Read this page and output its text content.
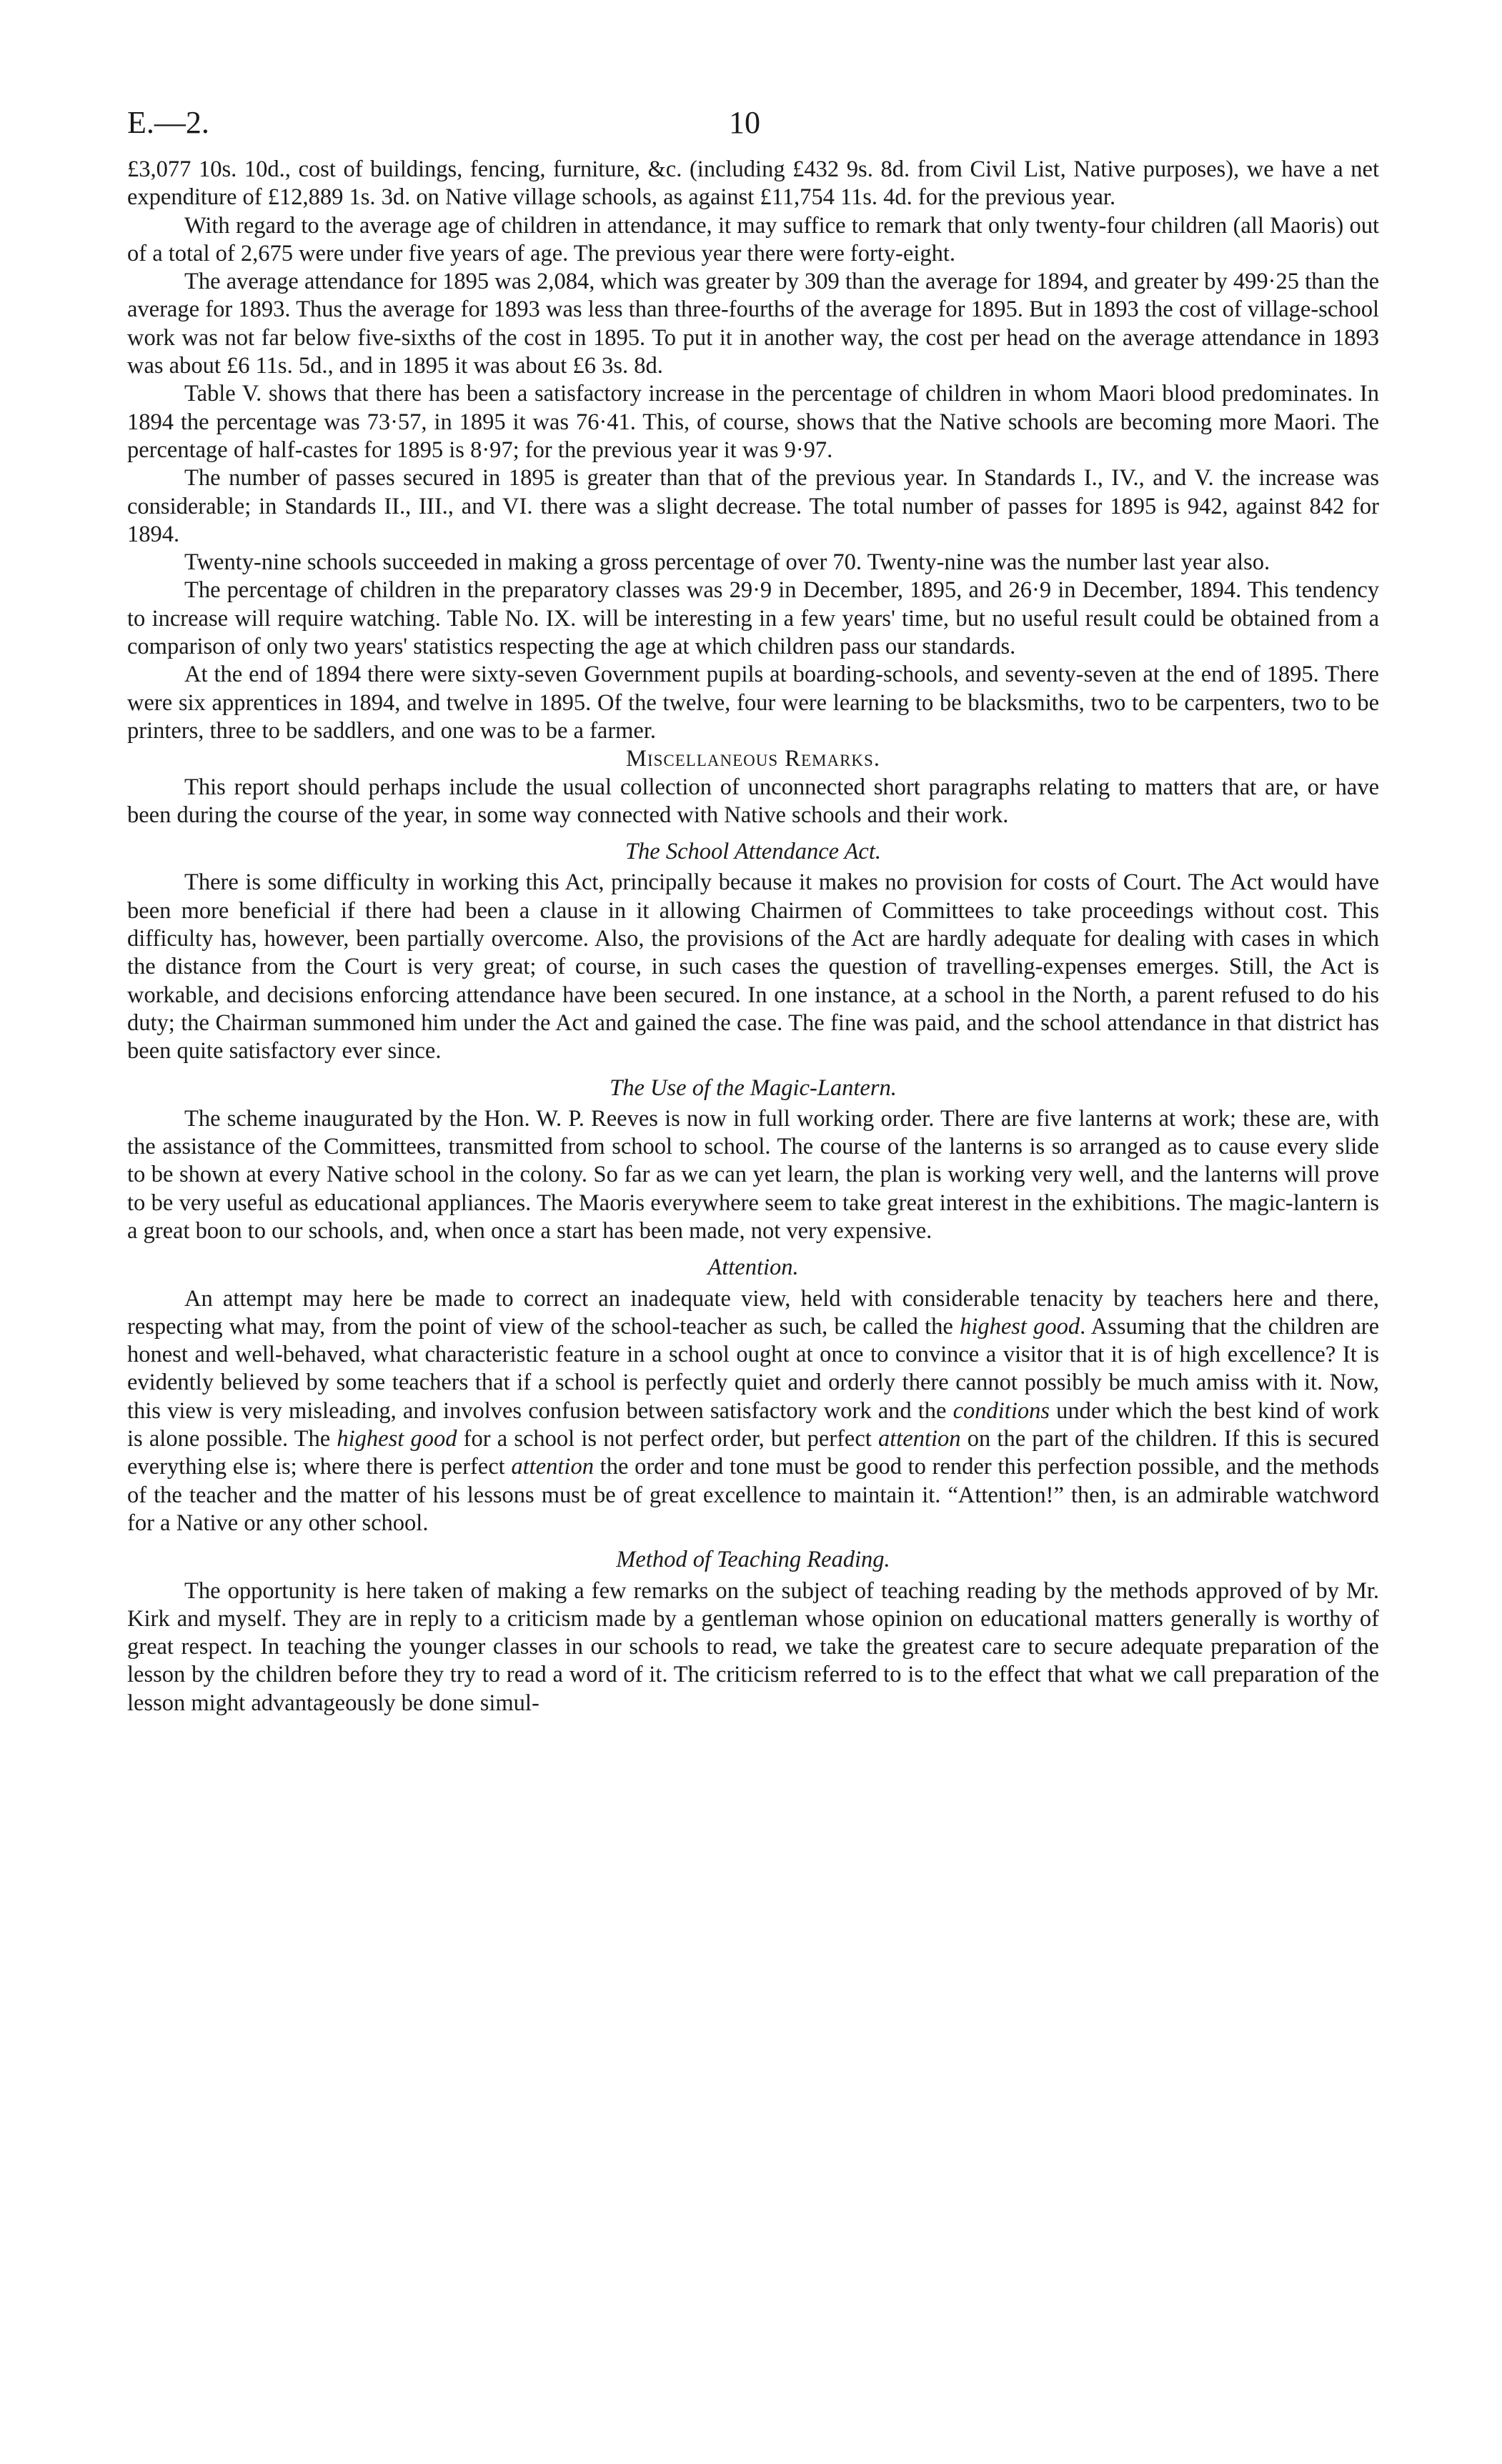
E.—2.	10

£3,077 10s. 10d., cost of buildings, fencing, furniture, &c. (including £432 9s. 8d. from Civil List, Native purposes), we have a net expenditure of £12,889 1s. 3d. on Native village schools, as against £11,754 11s. 4d. for the previous year.

With regard to the average age of children in attendance, it may suffice to remark that only twenty-four children (all Maoris) out of a total of 2,675 were under five years of age. The previous year there were forty-eight.

The average attendance for 1895 was 2,084, which was greater by 309 than the average for 1894, and greater by 499·25 than the average for 1893. Thus the average for 1893 was less than three-fourths of the average for 1895. But in 1893 the cost of village-school work was not far below five-sixths of the cost in 1895. To put it in another way, the cost per head on the average attendance in 1893 was about £6 11s. 5d., and in 1895 it was about £6 3s. 8d.

Table V. shows that there has been a satisfactory increase in the percentage of children in whom Maori blood predominates. In 1894 the percentage was 73·57, in 1895 it was 76·41. This, of course, shows that the Native schools are becoming more Maori. The percentage of half-castes for 1895 is 8·97; for the previous year it was 9·97.

The number of passes secured in 1895 is greater than that of the previous year. In Standards I., IV., and V. the increase was considerable; in Standards II., III., and VI. there was a slight decrease. The total number of passes for 1895 is 942, against 842 for 1894.

Twenty-nine schools succeeded in making a gross percentage of over 70. Twenty-nine was the number last year also.

The percentage of children in the preparatory classes was 29·9 in December, 1895, and 26·9 in December, 1894. This tendency to increase will require watching. Table No. IX. will be interesting in a few years' time, but no useful result could be obtained from a comparison of only two years' statistics respecting the age at which children pass our standards.

At the end of 1894 there were sixty-seven Government pupils at boarding-schools, and seventy-seven at the end of 1895. There were six apprentices in 1894, and twelve in 1895. Of the twelve, four were learning to be blacksmiths, two to be carpenters, two to be printers, three to be saddlers, and one was to be a farmer.

Miscellaneous Remarks.

This report should perhaps include the usual collection of unconnected short paragraphs relating to matters that are, or have been during the course of the year, in some way connected with Native schools and their work.

The School Attendance Act.

There is some difficulty in working this Act, principally because it makes no provision for costs of Court. The Act would have been more beneficial if there had been a clause in it allowing Chairmen of Committees to take proceedings without cost. This difficulty has, however, been partially overcome. Also, the provisions of the Act are hardly adequate for dealing with cases in which the distance from the Court is very great; of course, in such cases the question of travelling-expenses emerges. Still, the Act is workable, and decisions enforcing attendance have been secured. In one instance, at a school in the North, a parent refused to do his duty; the Chairman summoned him under the Act and gained the case. The fine was paid, and the school attendance in that district has been quite satisfactory ever since.

The Use of the Magic-Lantern.

The scheme inaugurated by the Hon. W. P. Reeves is now in full working order. There are five lanterns at work; these are, with the assistance of the Committees, transmitted from school to school. The course of the lanterns is so arranged as to cause every slide to be shown at every Native school in the colony. So far as we can yet learn, the plan is working very well, and the lanterns will prove to be very useful as educational appliances. The Maoris everywhere seem to take great interest in the exhibitions. The magic-lantern is a great boon to our schools, and, when once a start has been made, not very expensive.

Attention.

An attempt may here be made to correct an inadequate view, held with considerable tenacity by teachers here and there, respecting what may, from the point of view of the school-teacher as such, be called the highest good. Assuming that the children are honest and well-behaved, what characteristic feature in a school ought at once to convince a visitor that it is of high excellence? It is evidently believed by some teachers that if a school is perfectly quiet and orderly there cannot possibly be much amiss with it. Now, this view is very misleading, and involves confusion between satisfactory work and the conditions under which the best kind of work is alone possible. The highest good for a school is not perfect order, but perfect attention on the part of the children. If this is secured everything else is; where there is perfect attention the order and tone must be good to render this perfection possible, and the methods of the teacher and the matter of his lessons must be of great excellence to maintain it. “Attention!” then, is an admirable watchword for a Native or any other school.

Method of Teaching Reading.

The opportunity is here taken of making a few remarks on the subject of teaching reading by the methods approved of by Mr. Kirk and myself. They are in reply to a criticism made by a gentleman whose opinion on educational matters generally is worthy of great respect. In teaching the younger classes in our schools to read, we take the greatest care to secure adequate preparation of the lesson by the children before they try to read a word of it. The criticism referred to is to the effect that what we call preparation of the lesson might advantageously be done simul-
